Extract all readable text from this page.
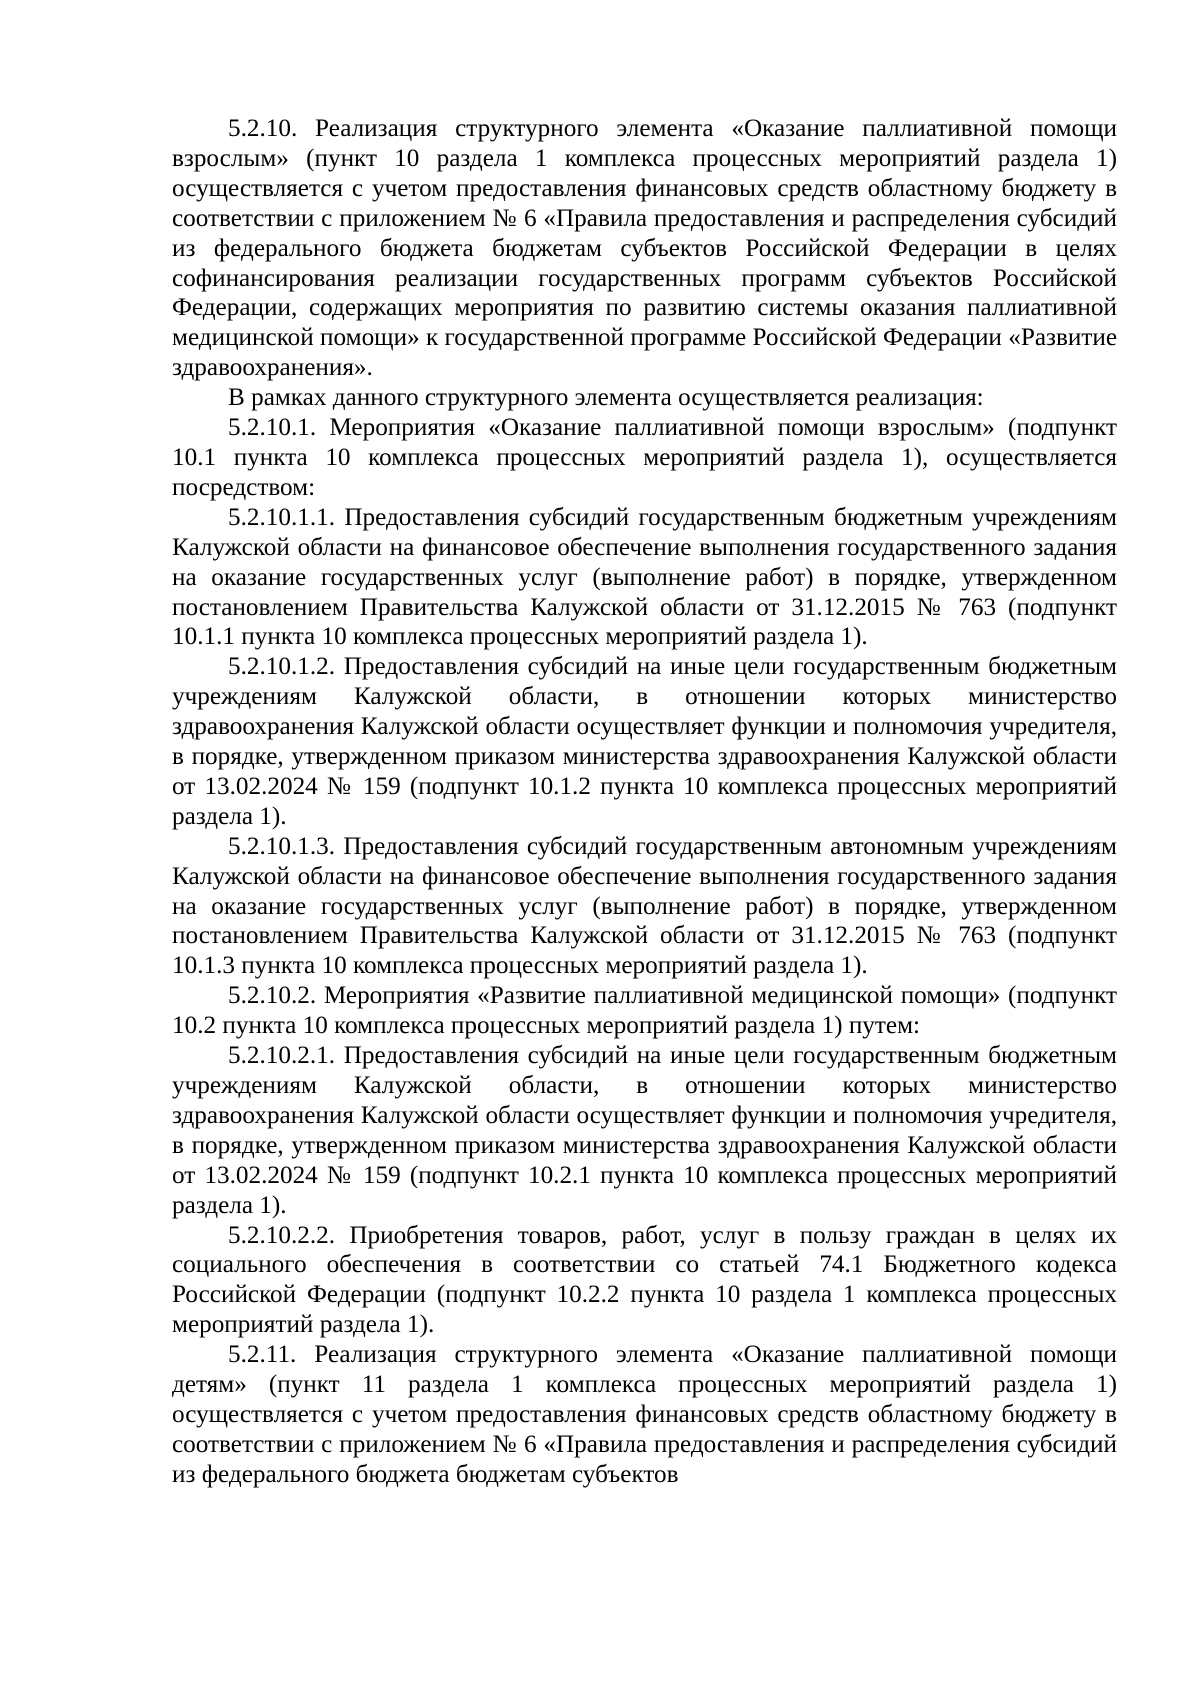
5.2.10. Реализация структурного элемента «Оказание паллиативной помощи взрослым» (пункт 10 раздела 1 комплекса процессных мероприятий раздела 1) осуществляется с учетом предоставления финансовых средств областному бюджету в соответствии с приложением № 6 «Правила предоставления и распределения субсидий из федерального бюджета бюджетам субъектов Российской Федерации в целях софинансирования реализации государственных программ субъектов Российской Федерации, содержащих мероприятия по развитию системы оказания паллиативной медицинской помощи» к государственной программе Российской Федерации «Развитие здравоохранения».

В рамках данного структурного элемента осуществляется реализация:

5.2.10.1. Мероприятия «Оказание паллиативной помощи взрослым» (подпункт 10.1 пункта 10 комплекса процессных мероприятий раздела 1), осуществляется посредством:

5.2.10.1.1. Предоставления субсидий государственным бюджетным учреждениям Калужской области на финансовое обеспечение выполнения государственного задания на оказание государственных услуг (выполнение работ) в порядке, утвержденном постановлением Правительства Калужской области от 31.12.2015 № 763 (подпункт 10.1.1 пункта 10 комплекса процессных мероприятий раздела 1).

5.2.10.1.2. Предоставления субсидий на иные цели государственным бюджетным учреждениям Калужской области, в отношении которых министерство здравоохранения Калужской области осуществляет функции и полномочия учредителя, в порядке, утвержденном приказом министерства здравоохранения Калужской области от 13.02.2024 № 159 (подпункт 10.1.2 пункта 10 комплекса процессных мероприятий раздела 1).

5.2.10.1.3. Предоставления субсидий государственным автономным учреждениям Калужской области на финансовое обеспечение выполнения государственного задания на оказание государственных услуг (выполнение работ) в порядке, утвержденном постановлением Правительства Калужской области от 31.12.2015 № 763 (подпункт 10.1.3 пункта 10 комплекса процессных мероприятий раздела 1).

5.2.10.2. Мероприятия «Развитие паллиативной медицинской помощи» (подпункт 10.2 пункта 10 комплекса процессных мероприятий раздела 1) путем:

5.2.10.2.1. Предоставления субсидий на иные цели государственным бюджетным учреждениям Калужской области, в отношении которых министерство здравоохранения Калужской области осуществляет функции и полномочия учредителя, в порядке, утвержденном приказом министерства здравоохранения Калужской области от 13.02.2024 № 159 (подпункт 10.2.1 пункта 10 комплекса процессных мероприятий раздела 1).

5.2.10.2.2. Приобретения товаров, работ, услуг в пользу граждан в целях их социального обеспечения в соответствии со статьей 74.1 Бюджетного кодекса Российской Федерации (подпункт 10.2.2 пункта 10 раздела 1 комплекса процессных мероприятий раздела 1).

5.2.11. Реализация структурного элемента «Оказание паллиативной помощи детям» (пункт 11 раздела 1 комплекса процессных мероприятий раздела 1) осуществляется с учетом предоставления финансовых средств областному бюджету в соответствии с приложением № 6 «Правила предоставления и распределения субсидий из федерального бюджета бюджетам субъектов
